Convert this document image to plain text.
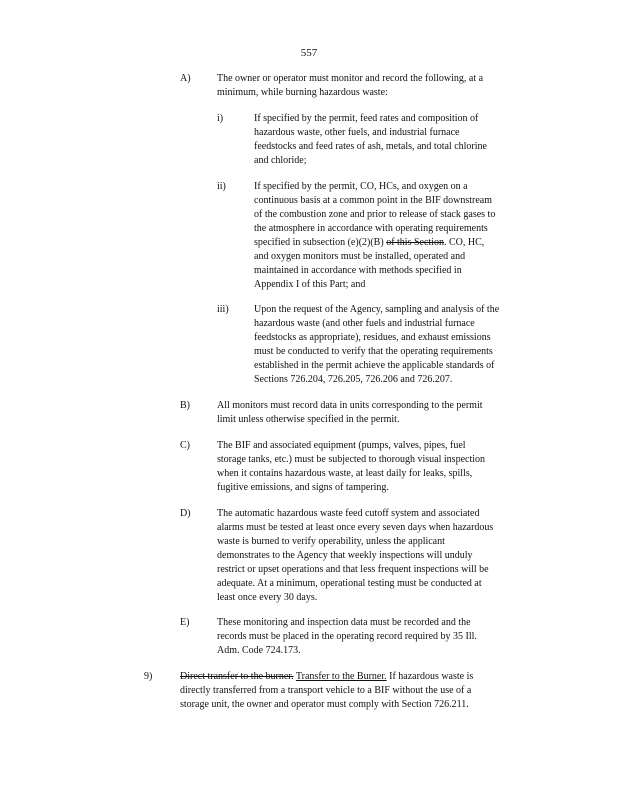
557
A)	The owner or operator must monitor and record the following, at a
minimum, while burning hazardous waste:
i)	If specified by the permit, feed rates and composition of
hazardous waste, other fuels, and industrial furnace
feedstocks and feed rates of ash, metals, and total chlorine
and chloride;
ii)	If specified by the permit, CO, HCs, and oxygen on a
continuous basis at a common point in the BIF downstream
of the combustion zone and prior to release of stack gases to
the atmosphere in accordance with operating requirements
specified in subsection (e)(2)(B) of this Section. CO, HC,
and oxygen monitors must be installed, operated and
maintained in accordance with methods specified in
Appendix I of this Part; and
iii)	Upon the request of the Agency, sampling and analysis of the
hazardous waste (and other fuels and industrial furnace
feedstocks as appropriate), residues, and exhaust emissions
must be conducted to verify that the operating requirements
established in the permit achieve the applicable standards of
Sections 726.204, 726.205, 726.206 and 726.207.
B)	All monitors must record data in units corresponding to the permit
limit unless otherwise specified in the permit.
C)	The BIF and associated equipment (pumps, valves, pipes, fuel
storage tanks, etc.) must be subjected to thorough visual inspection
when it contains hazardous waste, at least daily for leaks, spills,
fugitive emissions, and signs of tampering.
D)	The automatic hazardous waste feed cutoff system and associated
alarms must be tested at least once every seven days when hazardous
waste is burned to verify operability, unless the applicant
demonstrates to the Agency that weekly inspections will unduly
restrict or upset operations and that less frequent inspections will be
adequate. At a minimum, operational testing must be conducted at
least once every 30 days.
E)	These monitoring and inspection data must be recorded and the
records must be placed in the operating record required by 35 Ill.
Adm. Code 724.173.
9)	Direct transfer to the burner. Transfer to the Burner. If hazardous waste is
directly transferred from a transport vehicle to a BIF without the use of a
storage unit, the owner and operator must comply with Section 726.211.
